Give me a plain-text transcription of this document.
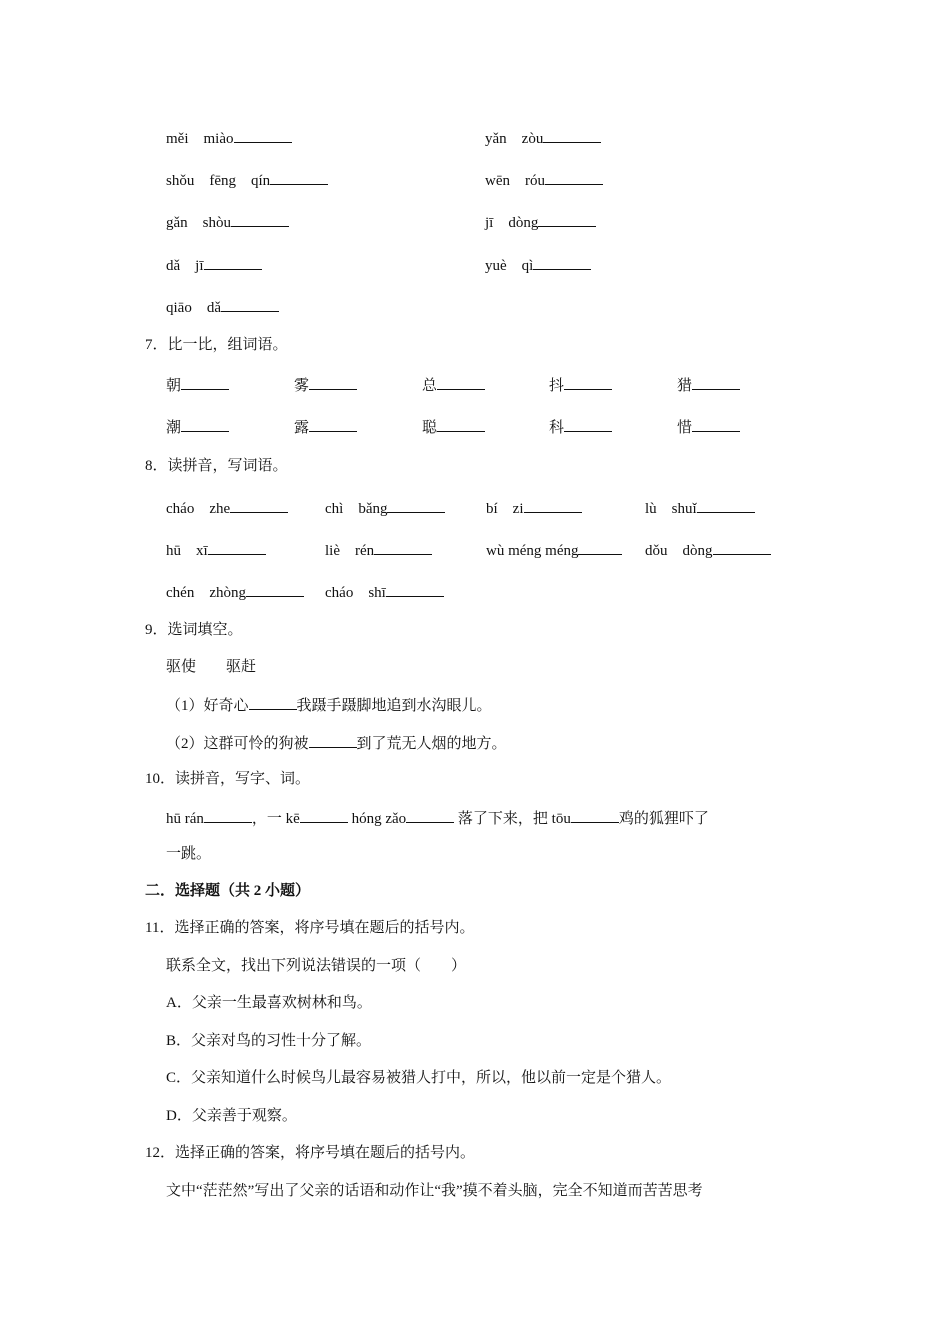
měi　miào	yǎn　zòu
shǒu　fēng　qín	wēn　róu
gǎn　shòu	jī　dòng
dǎ　jī	yuè　qì
qiāo　dǎ
7．比一比，组词语。
朝	雾	总	抖	猎
潮	露	聪	科	惜
8．读拼音，写词语。
cháo　zhe	chì　bǎng	bí　zi	lù　shuǐ
hū　xī	liè　rén	wù méng méng	dǒu　dòng
chén　zhòng	cháo　shī
9．选词填空。
驱使　　驱赶
（1）好奇心	我蹑手蹑脚地追到水沟眼儿。
（2）这群可怜的狗被	到了荒无人烟的地方。
10．读拼音，写字、词。
hū rán	，一 kē	hóng zǎo	落了下来，把 tōu	鸡的狐狸吓了
一跳。
二．选择题（共 2 小题）
11．选择正确的答案，将序号填在题后的括号内。
联系全文，找出下列说法错误的一项（　　）
A．父亲一生最喜欢树林和鸟。
B．父亲对鸟的习性十分了解。
C．父亲知道什么时候鸟儿最容易被猎人打中，所以，他以前一定是个猎人。
D．父亲善于观察。
12．选择正确的答案，将序号填在题后的括号内。
文中“茫茫然”写出了父亲的话语和动作让“我”摸不着头脑，完全不知道而苦苦思考
